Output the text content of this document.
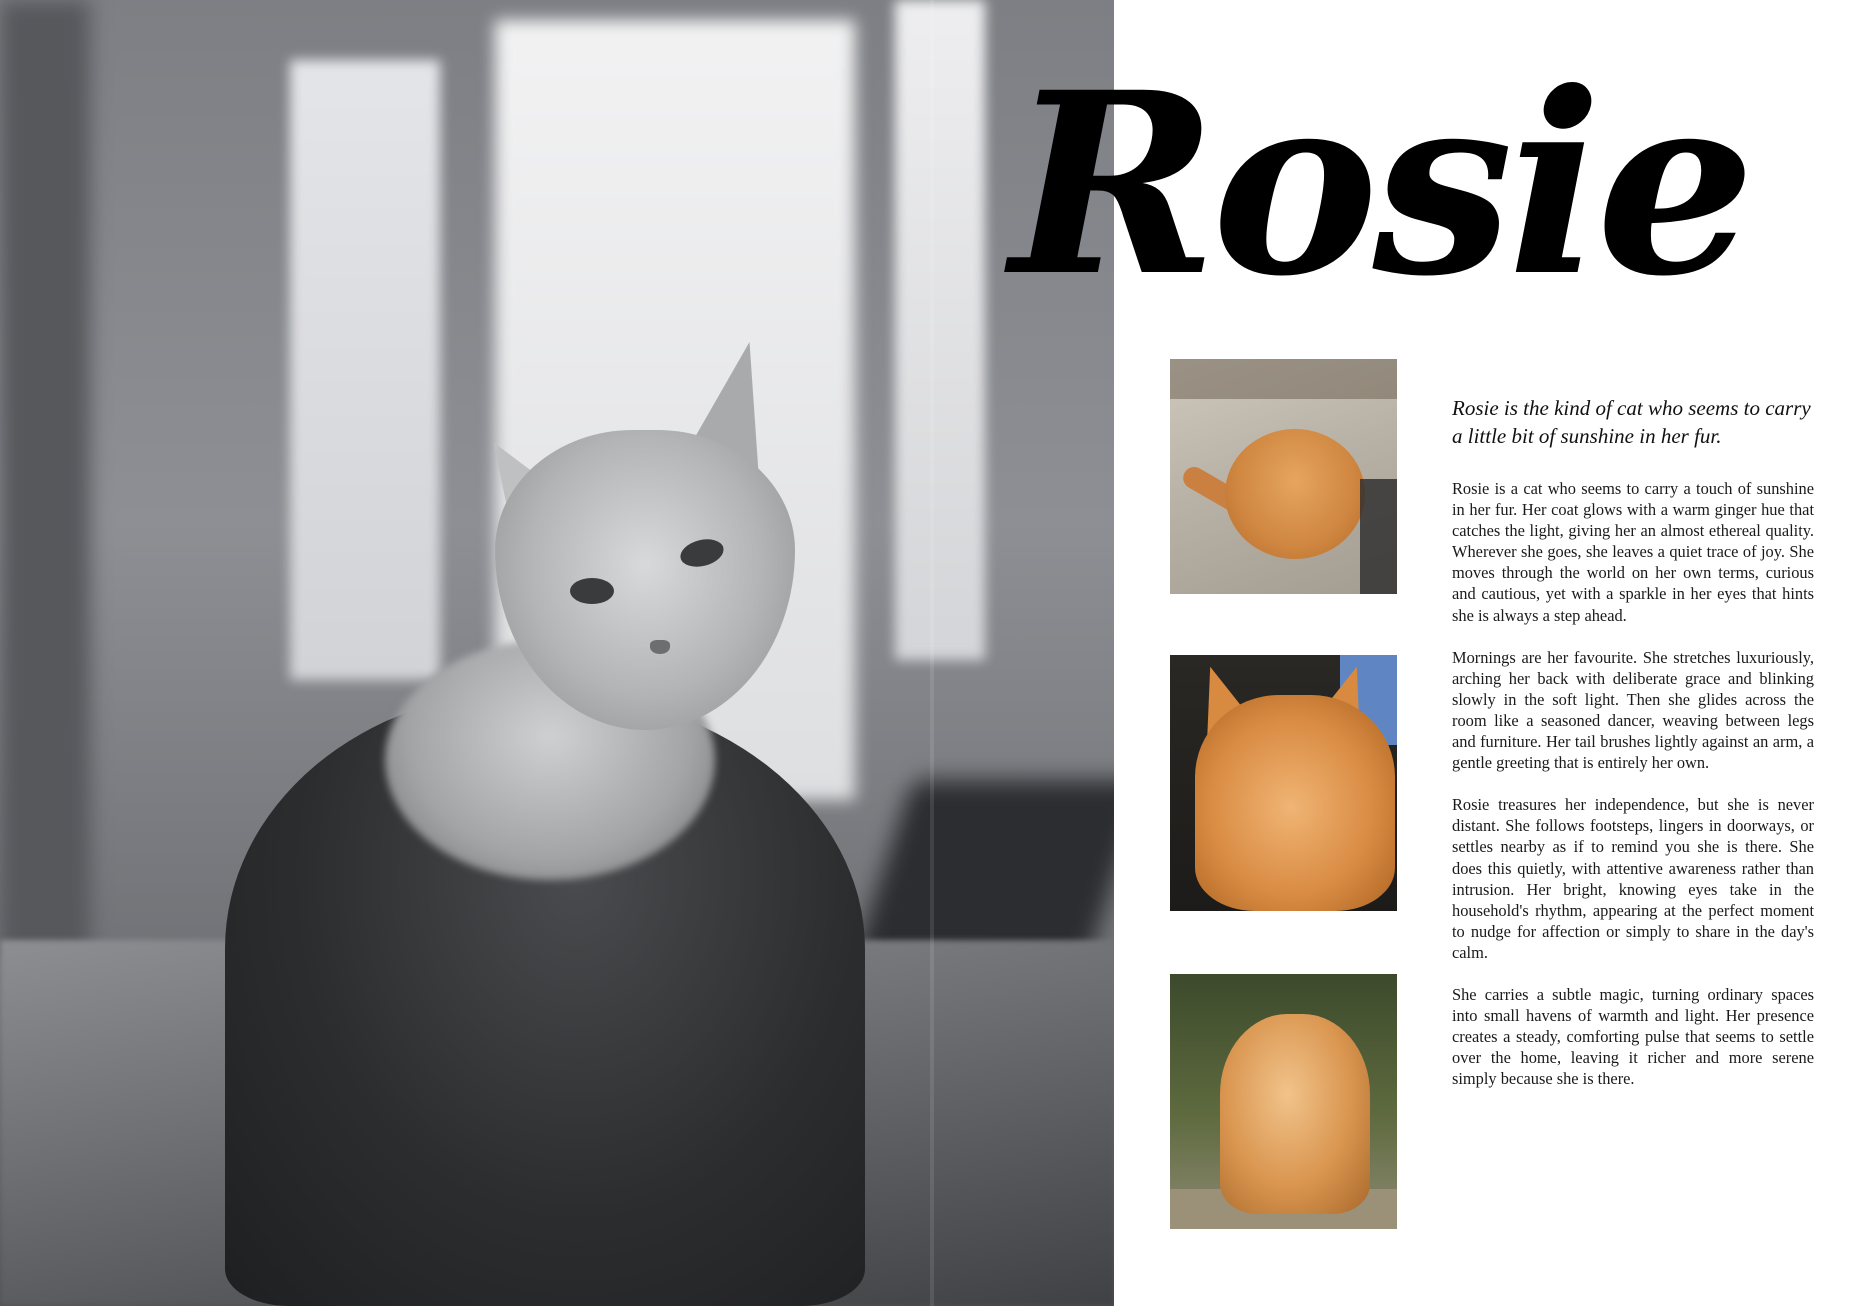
Rosie

Rosie is the kind of cat who seems to carry a little bit of sunshine in her fur.

Rosie is a cat who seems to carry a touch of sunshine in her fur. Her coat glows with a warm ginger hue that catches the light, giving her an almost ethereal quality. Wherever she goes, she leaves a quiet trace of joy. She moves through the world on her own terms, curious and cautious, yet with a sparkle in her eyes that hints she is always a step ahead.

Mornings are her favourite. She stretches luxuriously, arching her back with deliberate grace and blinking slowly in the soft light. Then she glides across the room like a seasoned dancer, weaving between legs and furniture. Her tail brushes lightly against an arm, a gentle greeting that is entirely her own.

Rosie treasures her independence, but she is never distant. She follows footsteps, lingers in doorways, or settles nearby as if to remind you she is there. She does this quietly, with attentive awareness rather than intrusion. Her bright, knowing eyes take in the household's rhythm, appearing at the perfect moment to nudge for affection or simply to share in the day's calm.

She carries a subtle magic, turning ordinary spaces into small havens of warmth and light. Her presence creates a steady, comforting pulse that seems to settle over the home, leaving it richer and more serene simply because she is there.
